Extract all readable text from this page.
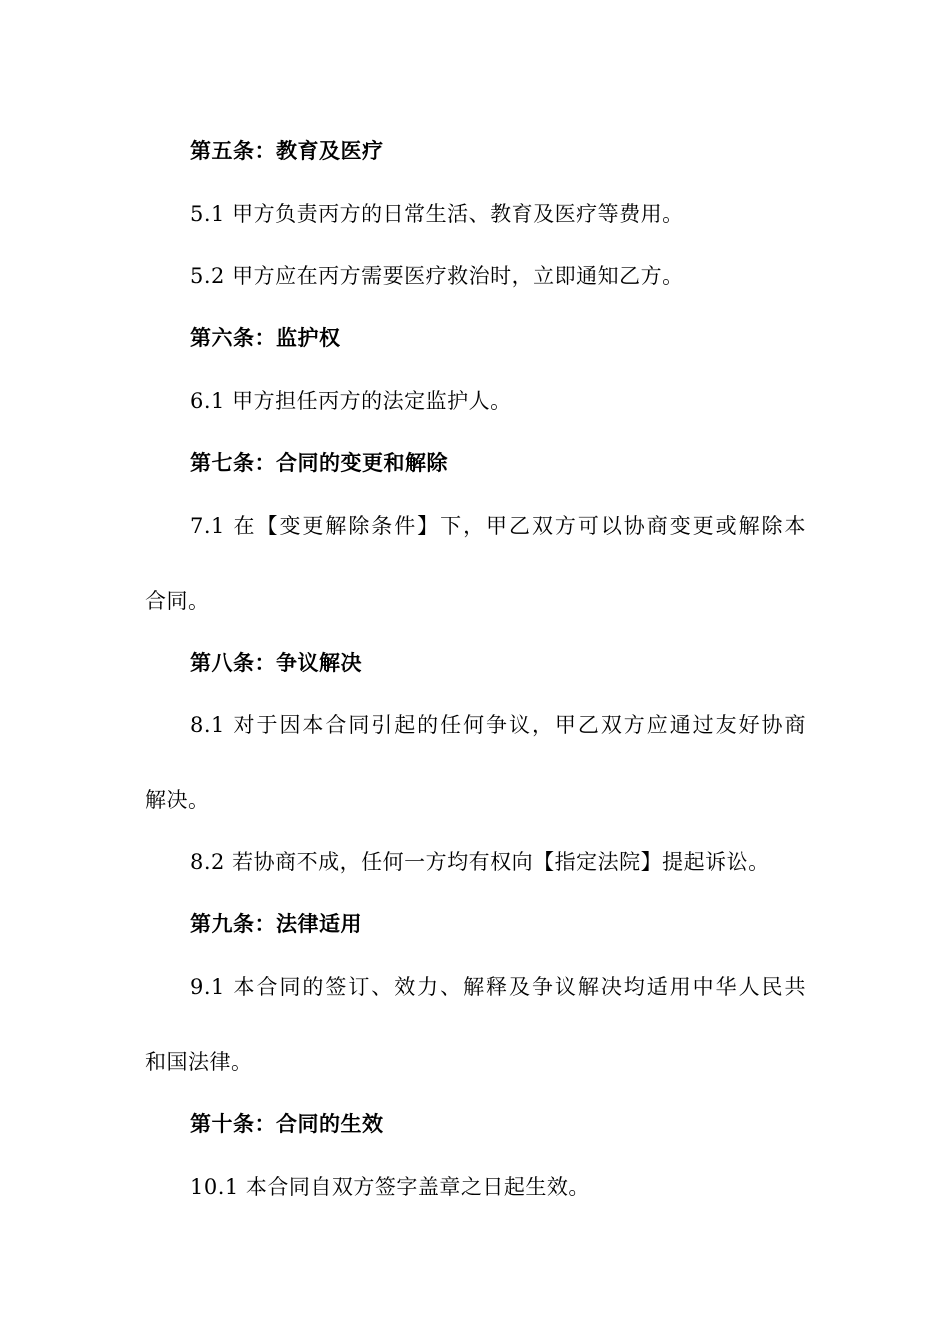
第五条：教育及医疗
5.1 甲方负责丙方的日常生活、教育及医疗等费用。
5.2 甲方应在丙方需要医疗救治时，立即通知乙方。
第六条：监护权
6.1 甲方担任丙方的法定监护人。
第七条：合同的变更和解除
7.1 在【变更解除条件】下，甲乙双方可以协商变更或解除本
合同。
第八条：争议解决
8.1 对于因本合同引起的任何争议，甲乙双方应通过友好协商
解决。
8.2 若协商不成，任何一方均有权向【指定法院】提起诉讼。
第九条：法律适用
9.1 本合同的签订、效力、解释及争议解决均适用中华人民共
和国法律。
第十条：合同的生效
10.1 本合同自双方签字盖章之日起生效。
